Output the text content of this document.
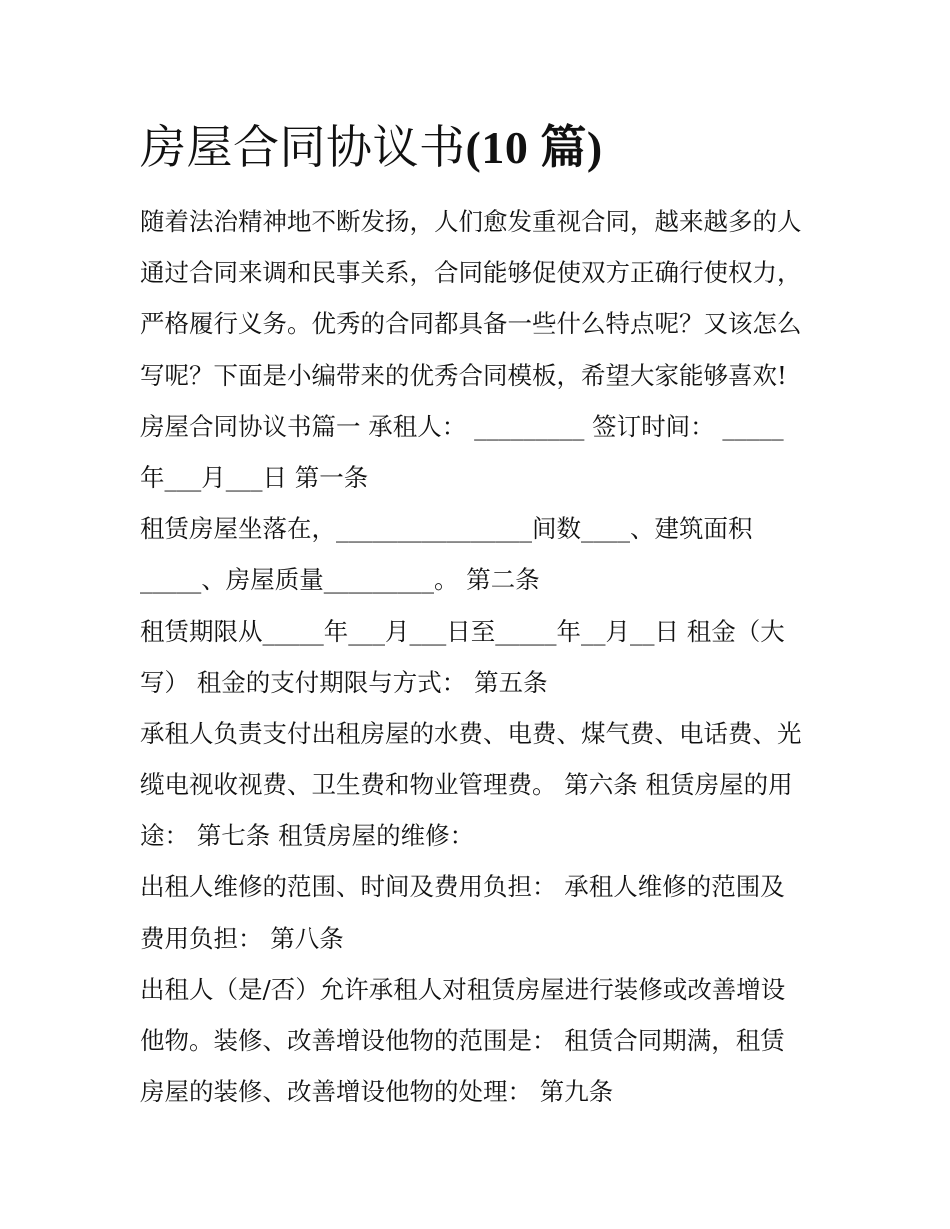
房屋合同协议书(10 篇)
随着法治精神地不断发扬，人们愈发重视合同，越来越多的人
通过合同来调和民事关系，合同能够促使双方正确行使权力，
严格履行义务。优秀的合同都具备一些什么特点呢？又该怎么
写呢？下面是小编带来的优秀合同模板，希望大家能够喜欢!
房屋合同协议书篇一 承租人： _________ 签订时间： _____
年___月___日 第一条
租赁房屋坐落在，________________间数____、建筑面积
_____、房屋质量_________。 第二条
租赁期限从_____年___月___日至_____年__月__日 租金（大
写） 租金的支付期限与方式： 第五条
承租人负责支付出租房屋的水费、电费、煤气费、电话费、光
缆电视收视费、卫生费和物业管理费。 第六条 租赁房屋的用
途： 第七条 租赁房屋的维修：
出租人维修的范围、时间及费用负担： 承租人维修的范围及
费用负担： 第八条
出租人（是/否）允许承租人对租赁房屋进行装修或改善增设
他物。装修、改善增设他物的范围是： 租赁合同期满，租赁
房屋的装修、改善增设他物的处理： 第九条
